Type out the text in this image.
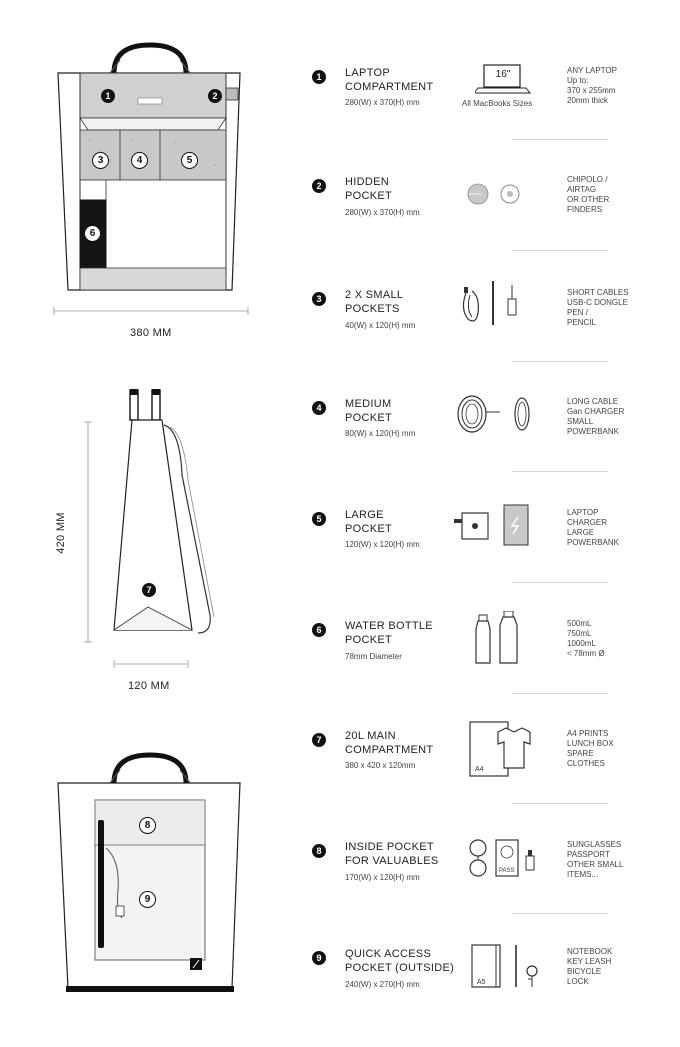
1	2
3	4	5
6
380 MM
7
420 MM
120 MM
8
9
1 LAPTOP
COMPARTMENT
280(W) x 370(H) mm
16"
All MacBooks Sizes
ANY LAPTOP
Up to:
370 x 255mm
20mm thick
2 HIDDEN
POCKET
280(W) x 370(H) mm
chipolo
CHIPOLO /
AIRTAG
OR OTHER
FINDERS
3 2 X SMALL
POCKETS
40(W) x 120(H) mm
SHORT CABLES
USB-C DONGLE
PEN /
PENCIL
4 MEDIUM
POCKET
80(W) x 120(H) mm
LONG CABLE
Gan CHARGER
SMALL
POWERBANK
5 LARGE
POCKET
120(W) x 120(H) mm
LAPTOP
CHARGER
LARGE
POWERBANK
6 WATER BOTTLE
POCKET
78mm Diameter
500mL
750mL
1000mL
< 78mm Ø
7 20L MAIN
COMPARTMENT
380 x 420 x 120mm	A4
A4 PRINTS
LUNCH BOX
SPARE
CLOTHES
8 INSIDE POCKET
FOR VALUABLES
170(W) x 120(H) mm
PASS
SUNGLASSES
PASSPORT
OTHER SMALL
ITEMS...
9 QUICK ACCESS
POCKET (OUTSIDE)
240(W) x 270(H) mm	A5
NOTEBOOK
KEY LEASH
BICYCLE
LOCK
